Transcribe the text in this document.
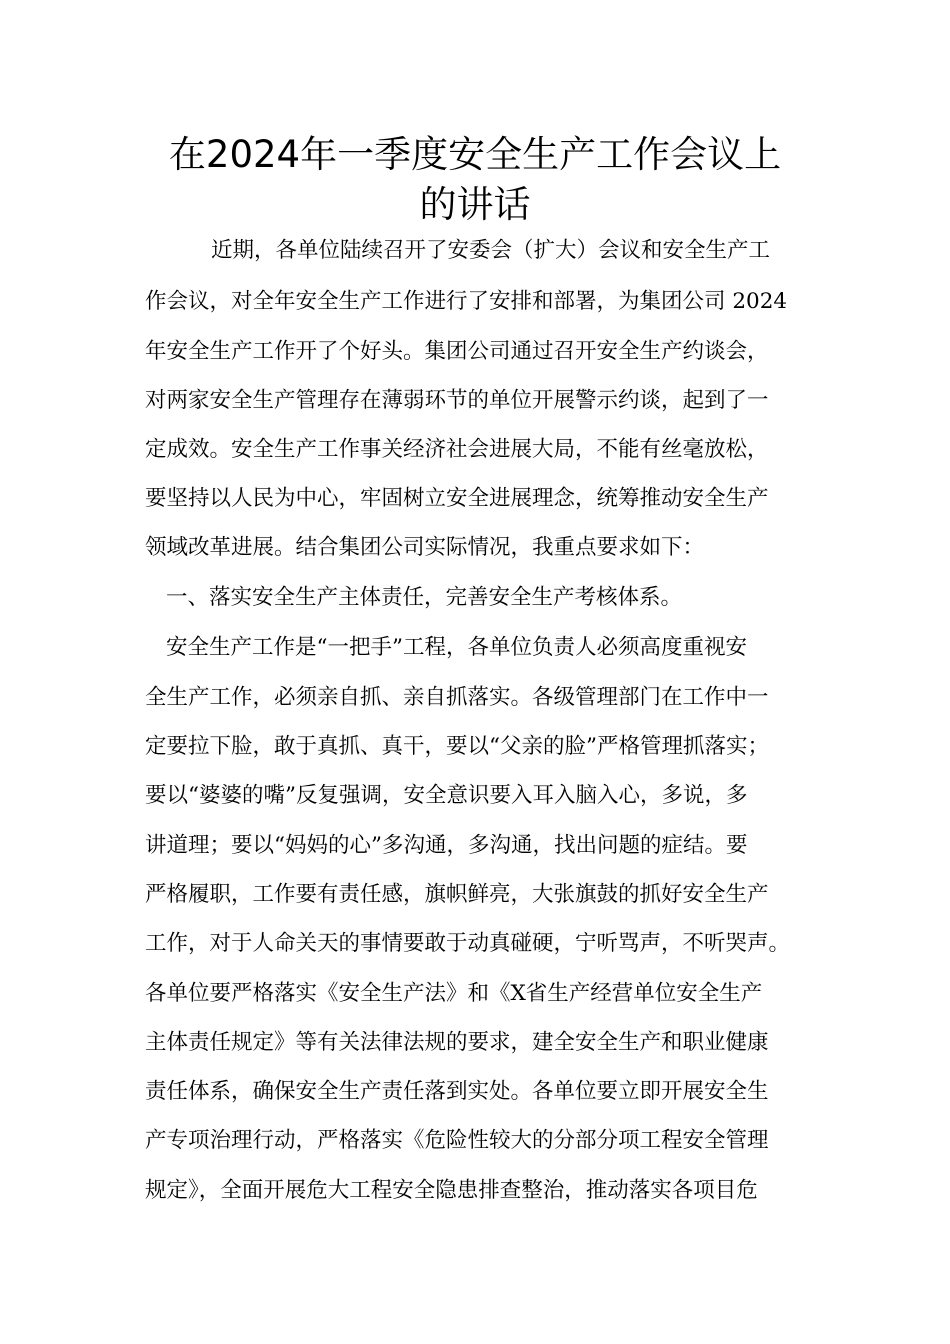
在2024年一季度安全生产工作会议上
的讲话
近期，各单位陆续召开了安委会（扩大）会议和安全生产工
作会议，对全年安全生产工作进行了安排和部署，为集团公司 2024
年安全生产工作开了个好头。集团公司通过召开安全生产约谈会，
对两家安全生产管理存在薄弱环节的单位开展警示约谈，起到了一
定成效。安全生产工作事关经济社会进展大局，不能有丝毫放松，
要坚持以人民为中心，牢固树立安全进展理念，统筹推动安全生产
领域改革进展。结合集团公司实际情况，我重点要求如下：
一、落实安全生产主体责任，完善安全生产考核体系。
安全生产工作是“一把手”工程，各单位负责人必须高度重视安
全生产工作，必须亲自抓、亲自抓落实。各级管理部门在工作中一
定要拉下脸，敢于真抓、真干，要以“父亲的脸”严格管理抓落实；
要以“婆婆的嘴”反复强调，安全意识要入耳入脑入心，多说，多
讲道理；要以“妈妈的心”多沟通，多沟通，找出问题的症结。要
严格履职，工作要有责任感，旗帜鲜亮，大张旗鼓的抓好安全生产
工作，对于人命关天的事情要敢于动真碰硬，宁听骂声，不听哭声。
各单位要严格落实《安全生产法》和《X省生产经营单位安全生产
主体责任规定》等有关法律法规的要求，建全安全生产和职业健康
责任体系，确保安全生产责任落到实处。各单位要立即开展安全生
产专项治理行动，严格落实《危险性较大的分部分项工程安全管理
规定》，全面开展危大工程安全隐患排查整治，推动落实各项目危
